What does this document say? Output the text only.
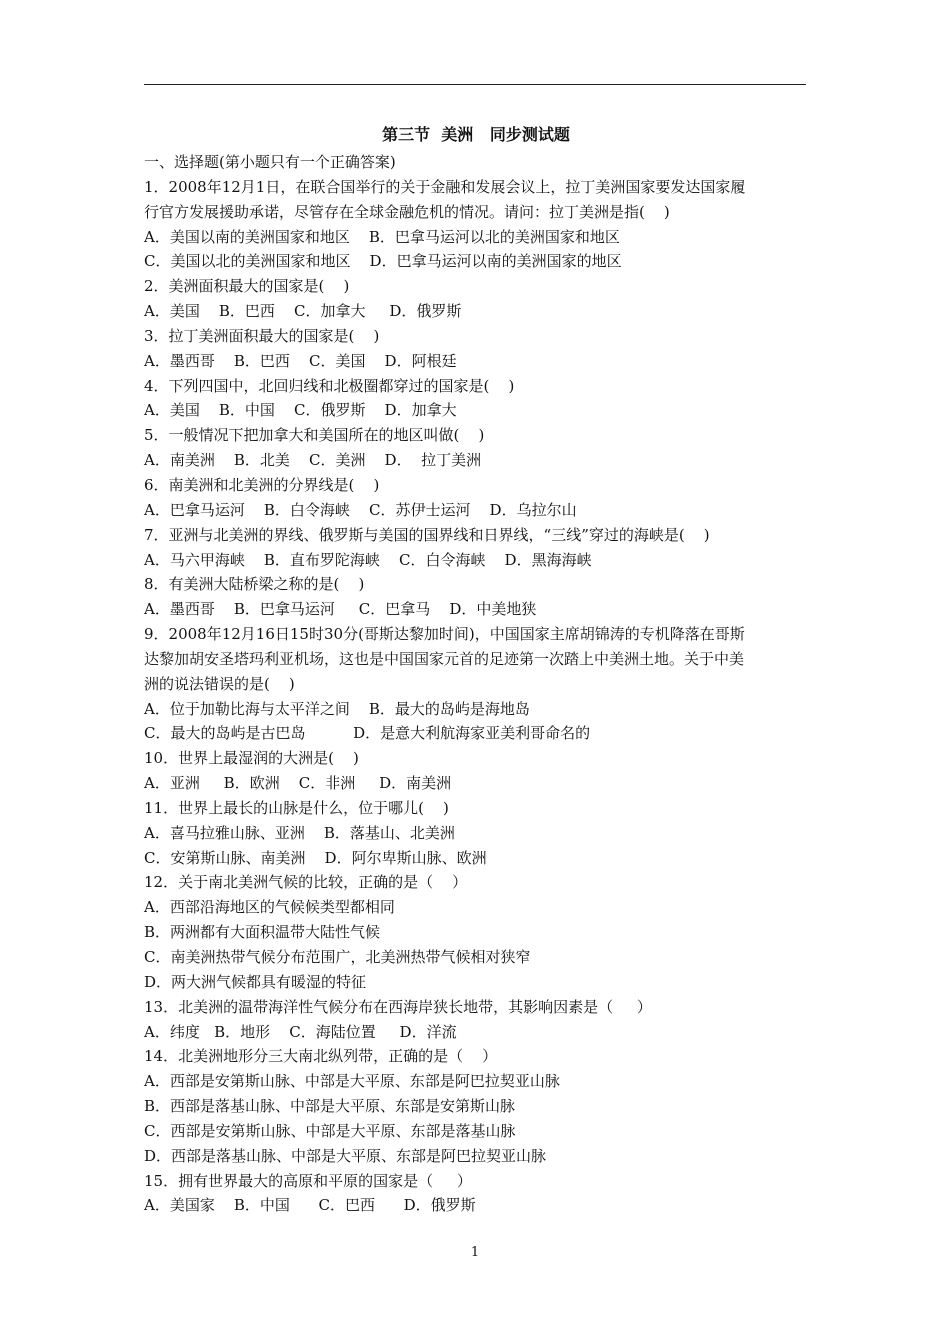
第三节  美洲   同步测试题
一、选择题(第小题只有一个正确答案)
1．2008年12月1日，在联合国举行的关于金融和发展会议上，拉丁美洲国家要发达国家履
行官方发展援助承诺，尽管存在全球金融危机的情况。请问：拉丁美洲是指(    )
A．美国以南的美洲国家和地区    B．巴拿马运河以北的美洲国家和地区
C．美国以北的美洲国家和地区    D．巴拿马运河以南的美洲国家的地区
2．美洲面积最大的国家是(    )
A．美国    B．巴西    C．加拿大     D．俄罗斯
3．拉丁美洲面积最大的国家是(    )
A．墨西哥    B．巴西    C．美国    D．阿根廷
4．下列四国中，北回归线和北极圈都穿过的国家是(    )
A．美国    B．中国    C．俄罗斯    D．加拿大
5．一般情况下把加拿大和美国所在的地区叫做(    )
A．南美洲    B．北美    C．美洲    D．  拉丁美洲
6．南美洲和北美洲的分界线是(    )
A．巴拿马运河    B．白令海峡    C．苏伊士运河    D．乌拉尔山
7．亚洲与北美洲的界线、俄罗斯与美国的国界线和日界线，“三线”穿过的海峡是(    )
A．马六甲海峡    B．直布罗陀海峡    C．白令海峡    D．黑海海峡
8．有美洲大陆桥梁之称的是(    )
A．墨西哥    B．巴拿马运河     C．巴拿马    D．中美地狭
9．2008年12月16日15时30分(哥斯达黎加时间)，中国国家主席胡锦涛的专机降落在哥斯
达黎加胡安圣塔玛利亚机场，这也是中国国家元首的足迹第一次踏上中美洲土地。关于中美
洲的说法错误的是(    )
A．位于加勒比海与太平洋之间    B．最大的岛屿是海地岛
C．最大的岛屿是古巴岛          D．是意大利航海家亚美利哥命名的
10．世界上最湿润的大洲是(    )
A．亚洲     B．欧洲    C．非洲     D．南美洲
11．世界上最长的山脉是什么，位于哪儿(    )
A．喜马拉雅山脉、亚洲    B．落基山、北美洲
C．安第斯山脉、南美洲    D．阿尔卑斯山脉、欧洲
12．关于南北美洲气候的比较，正确的是（    ）
A．西部沿海地区的气候候类型都相同
B．两洲都有大面积温带大陆性气候
C．南美洲热带气候分布范围广，北美洲热带气候相对狭窄
D．两大洲气候都具有暖湿的特征
13．北美洲的温带海洋性气候分布在西海岸狭长地带，其影响因素是（     ）
A．纬度   B．地形    C．海陆位置     D．洋流
14．北美洲地形分三大南北纵列带，正确的是（    ）
A．西部是安第斯山脉、中部是大平原、东部是阿巴拉契亚山脉
B．西部是落基山脉、中部是大平原、东部是安第斯山脉
C．西部是安第斯山脉、中部是大平原、东部是落基山脉
D．西部是落基山脉、中部是大平原、东部是阿巴拉契亚山脉
15．拥有世界最大的高原和平原的国家是（     ）
A．美国家    B．中国      C．巴西      D．俄罗斯
1
